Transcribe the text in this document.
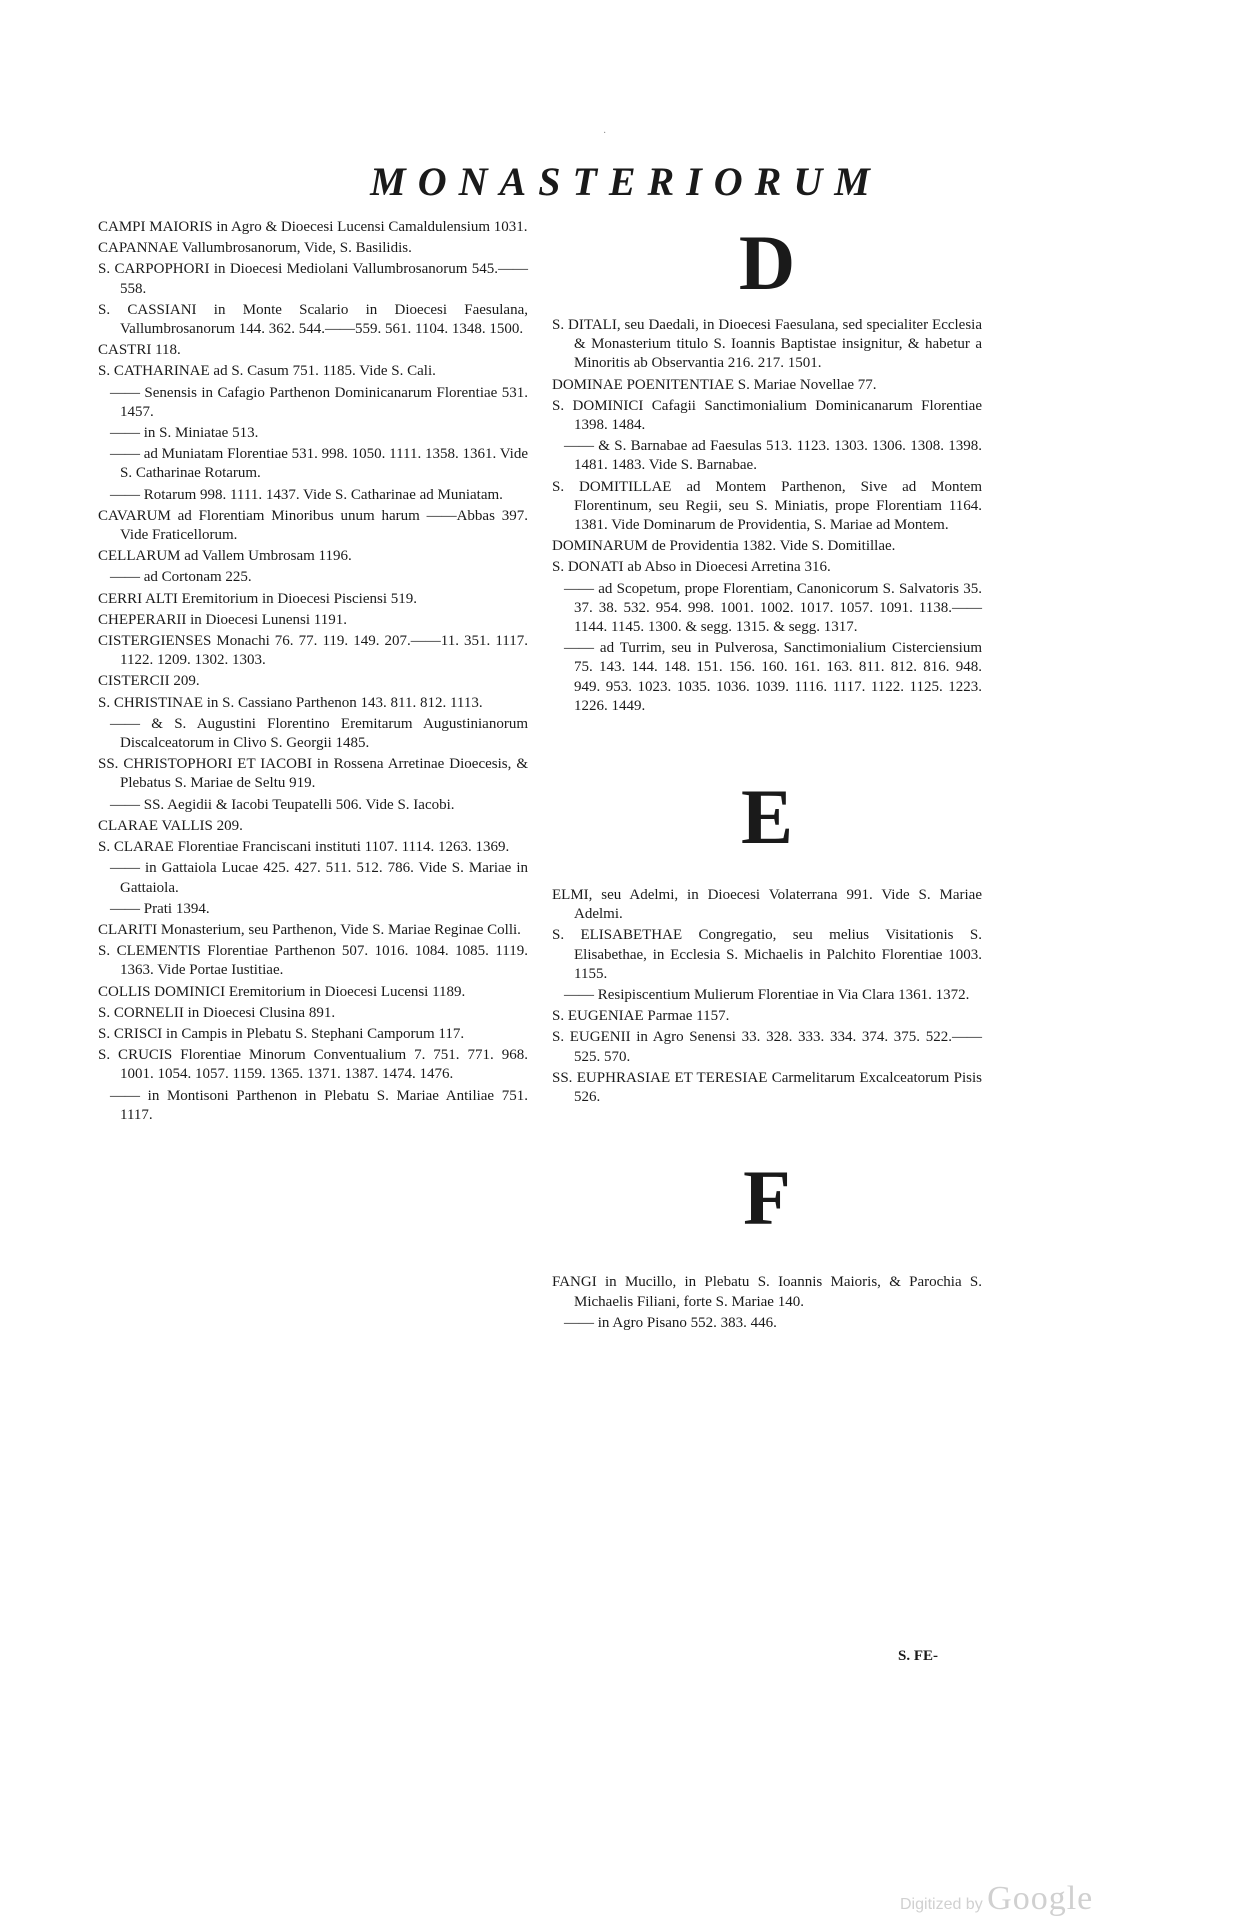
·
MONASTERIORUM
CAMPI MAIORIS in Agro & Dioecesi Lucensi Camaldulensium 1031.
CAPANNAE Vallumbrosanorum, Vide, S. Basilidis.
S. CARPOPHORI in Dioecesi Mediolani Vallumbrosanorum 545.——558.
S. CASSIANI in Monte Scalario in Dioecesi Faesulana, Vallumbrosanorum 144. 362. 544.——559. 561. 1104. 1348. 1500.
CASTRI 118.
S. CATHARINAE ad S. Casum 751. 1185. Vide S. Cali.
—— Senensis in Cafagio Parthenon Dominicanarum Florentiae 531. 1457.
—— in S. Miniatae 513.
—— ad Muniatam Florentiae 531. 998. 1050. 1111. 1358. 1361. Vide S. Catharinae Rotarum.
—— Rotarum 998. 1111. 1437. Vide S. Catharinae ad Muniatam.
CAVARUM ad Florentiam Minoribus unum harum ——Abbas 397. Vide Fraticellorum.
CELLARUM ad Vallem Umbrosam 1196.
—— ad Cortonam 225.
CERRI ALTI Eremitorium in Dioecesi Pisciensi 519.
CHEPERARII in Dioecesi Lunensi 1191.
CISTERGIENSES Monachi 76. 77. 119. 149. 207.——11. 351. 1117. 1122. 1209. 1302. 1303.
CISTERCII 209.
S. CHRISTINAE in S. Cassiano Parthenon 143. 811. 812. 1113.
—— & S. Augustini Florentino Eremitarum Augustinianorum Discalceatorum in Clivo S. Georgii 1485.
SS. CHRISTOPHORI ET IACOBI in Rossena Arretinae Dioecesis, & Plebatus S. Mariae de Seltu 919.
—— SS. Aegidii & Iacobi Teupatelli 506. Vide S. Iacobi.
CLARAE VALLIS 209.
S. CLARAE Florentiae Franciscani instituti 1107. 1114. 1263. 1369.
—— in Gattaiola Lucae 425. 427. 511. 512. 786. Vide S. Mariae in Gattaiola.
—— Prati 1394.
CLARITI Monasterium, seu Parthenon, Vide S. Mariae Reginae Colli.
S. CLEMENTIS Florentiae Parthenon 507. 1016. 1084. 1085. 1119. 1363. Vide Portae Iustitiae.
COLLIS DOMINICI Eremitorium in Dioecesi Lucensi 1189.
S. CORNELII in Dioecesi Clusina 891.
S. CRISCI in Campis in Plebatu S. Stephani Camporum 117.
S. CRUCIS Florentiae Minorum Conventualium 7. 751. 771. 968. 1001. 1054. 1057. 1159. 1365. 1371. 1387. 1474. 1476.
—— in Montisoni Parthenon in Plebatu S. Mariae Antiliae 751. 1117.
D
S. DITALI, seu Daedali, in Dioecesi Faesulana, sed specialiter Ecclesia & Monasterium titulo S. Ioannis Baptistae insignitur, & habetur a Minoritis ab Observantia 216. 217. 1501.
DOMINAE POENITENTIAE S. Mariae Novellae 77.
S. DOMINICI Cafagii Sanctimonialium Dominicanarum Florentiae 1398. 1484.
—— & S. Barnabae ad Faesulas 513. 1123. 1303. 1306. 1308. 1398. 1481. 1483. Vide S. Barnabae.
S. DOMITILLAE ad Montem Parthenon, Sive ad Montem Florentinum, seu Regii, seu S. Miniatis, prope Florentiam 1164. 1381. Vide Dominarum de Providentia, S. Mariae ad Montem.
DOMINARUM de Providentia 1382. Vide S. Domitillae.
S. DONATI ab Abso in Dioecesi Arretina 316.
—— ad Scopetum, prope Florentiam, Canonicorum S. Salvatoris 35. 37. 38. 532. 954. 998. 1001. 1002. 1017. 1057. 1091. 1138.——1144. 1145. 1300. & segg. 1315. & segg. 1317.
—— ad Turrim, seu in Pulverosa, Sanctimonialium Cisterciensium 75. 143. 144. 148. 151. 156. 160. 161. 163. 811. 812. 816. 948. 949. 953. 1023. 1035. 1036. 1039. 1116. 1117. 1122. 1125. 1223. 1226. 1449.
E
ELMI, seu Adelmi, in Dioecesi Volaterrana 991. Vide S. Mariae Adelmi.
S. ELISABETHAE Congregatio, seu melius Visitationis S. Elisabethae, in Ecclesia S. Michaelis in Palchito Florentiae 1003. 1155.
—— Resipiscentium Mulierum Florentiae in Via Clara 1361. 1372.
S. EUGENIAE Parmae 1157.
S. EUGENII in Agro Senensi 33. 328. 333. 334. 374. 375. 522.——525. 570.
SS. EUPHRASIAE ET TERESIAE Carmelitarum Excalceatorum Pisis 526.
F
FANGI in Mucillo, in Plebatu S. Ioannis Maioris, & Parochia S. Michaelis Filiani, forte S. Mariae 140.
—— in Agro Pisano 552. 383. 446.
S. FE-
Digitized by Google
